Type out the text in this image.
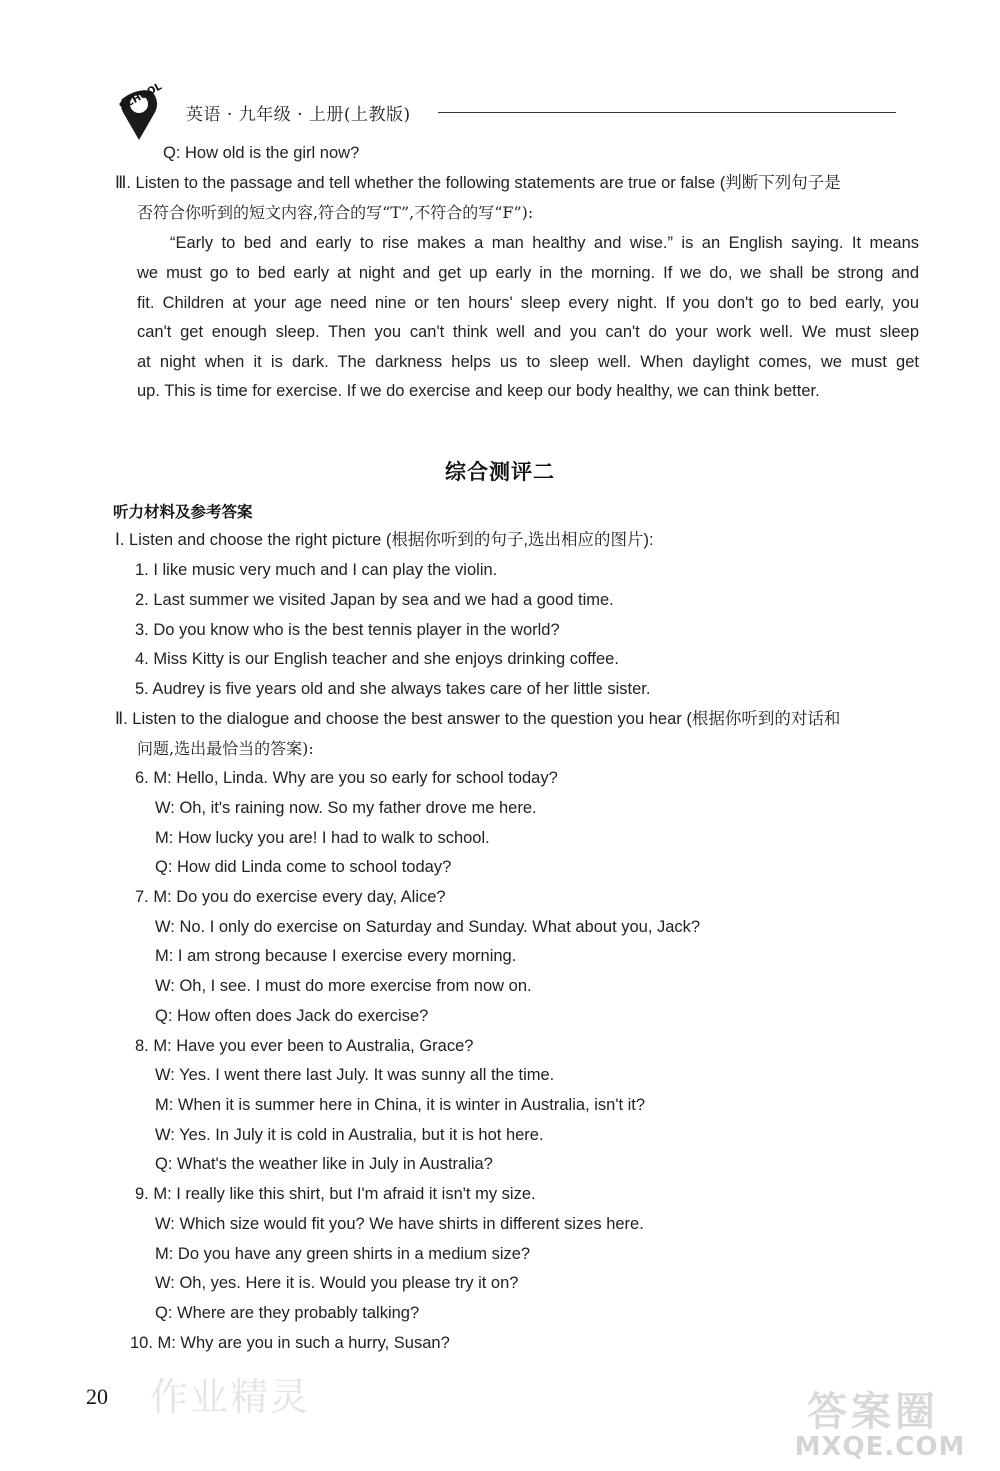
SCHOOL
英语 · 九年级 · 上册(上教版)
Q: How old is the girl now?
Ⅲ. Listen to the passage and tell whether the following statements are true or false (判断下列句子是
否符合你听到的短文内容,符合的写“T”,不符合的写“F”):
“Early to bed and early to rise makes a man healthy and wise.” is an English saying. It means
we must go to bed early at night and get up early in the morning. If we do, we shall be strong and
fit. Children at your age need nine or ten hours' sleep every night. If you don't go to bed early, you
can't get enough sleep. Then you can't think well and you can't do your work well. We must sleep
at night when it is dark. The darkness helps us to sleep well. When daylight comes, we must get
up. This is time for exercise. If we do exercise and keep our body healthy, we can think better.
综合测评二
听力材料及参考答案
Ⅰ. Listen and choose the right picture (根据你听到的句子,选出相应的图片):
1. I like music very much and I can play the violin.
2. Last summer we visited Japan by sea and we had a good time.
3. Do you know who is the best tennis player in the world?
4. Miss Kitty is our English teacher and she enjoys drinking coffee.
5. Audrey is five years old and she always takes care of her little sister.
Ⅱ. Listen to the dialogue and choose the best answer to the question you hear (根据你听到的对话和
问题,选出最恰当的答案):
6. M: Hello, Linda. Why are you so early for school today?
W: Oh, it's raining now. So my father drove me here.
M: How lucky you are! I had to walk to school.
Q: How did Linda come to school today?
7. M: Do you do exercise every day, Alice?
W: No. I only do exercise on Saturday and Sunday. What about you, Jack?
M: I am strong because I exercise every morning.
W: Oh, I see. I must do more exercise from now on.
Q: How often does Jack do exercise?
8. M: Have you ever been to Australia, Grace?
W: Yes. I went there last July. It was sunny all the time.
M: When it is summer here in China, it is winter in Australia, isn't it?
W: Yes. In July it is cold in Australia, but it is hot here.
Q: What's the weather like in July in Australia?
9. M: I really like this shirt, but I'm afraid it isn't my size.
W: Which size would fit you? We have shirts in different sizes here.
M: Do you have any green shirts in a medium size?
W: Oh, yes. Here it is. Would you please try it on?
Q: Where are they probably talking?
10. M: Why are you in such a hurry, Susan?
20 作业精灵	答案圈
MXQE.COM
